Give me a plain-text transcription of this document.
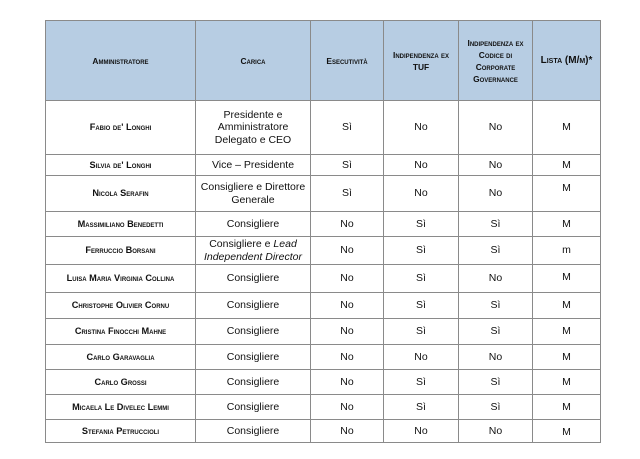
Amministratore	Carica	Esecutività	Indipendenza ex TUF	Indipendenza ex Codice di Corporate Governance	Lista (M/m)*
Fabio de' Longhi	Presidente e Amministratore Delegato e CEO	Sì	No	No	M
Silvia de' Longhi	Vice – Presidente	Sì	No	No	M
Nicola Serafin	Consigliere e Direttore Generale	Sì	No	No	M
Massimiliano Benedetti	Consigliere	No	Sì	Sì	M
Ferruccio Borsani	Consigliere e Lead Independent Director	No	Sì	Sì	m
Luisa Maria Virginia Collina	Consigliere	No	Sì	No	M
Christophe Olivier Cornu	Consigliere	No	Sì	Sì	M
Cristina Finocchi Mahne	Consigliere	No	Sì	Sì	M
Carlo Garavaglia	Consigliere	No	No	No	M
Carlo Grossi	Consigliere	No	Sì	Sì	M
Micaela Le Divelec Lemmi	Consigliere	No	Sì	Sì	M
Stefania Petruccioli	Consigliere	No	No	No	M
